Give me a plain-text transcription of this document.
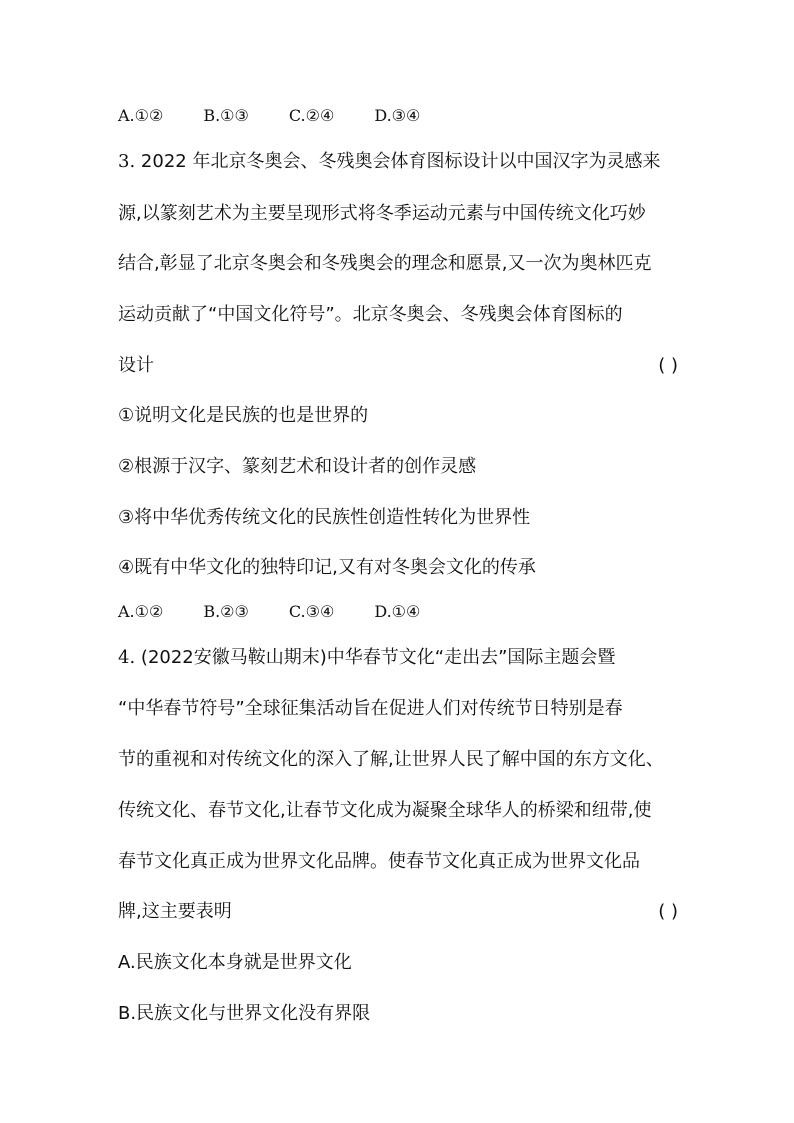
A.①②	B.①③	C.②④	D.③④
3. 2022 年北京冬奥会、冬残奥会体育图标设计以中国汉字为灵感来
源,以篆刻艺术为主要呈现形式将冬季运动元素与中国传统文化巧妙
结合,彰显了北京冬奥会和冬残奥会的理念和愿景,又一次为奥林匹克
运动贡献了“中国文化符号”。北京冬奥会、冬残奥会体育图标的
设计	( )
①说明文化是民族的也是世界的
②根源于汉字、篆刻艺术和设计者的创作灵感
③将中华优秀传统文化的民族性创造性转化为世界性
④既有中华文化的独特印记,又有对冬奥会文化的传承
A.①②	B.②③	C.③④	D.①④
4. (2022安徽马鞍山期末)中华春节文化“走出去”国际主题会暨
“中华春节符号”全球征集活动旨在促进人们对传统节日特别是春
节的重视和对传统文化的深入了解,让世界人民了解中国的东方文化、
传统文化、春节文化,让春节文化成为凝聚全球华人的桥梁和纽带,使
春节文化真正成为世界文化品牌。使春节文化真正成为世界文化品
牌,这主要表明	( )
A.民族文化本身就是世界文化
B.民族文化与世界文化没有界限
